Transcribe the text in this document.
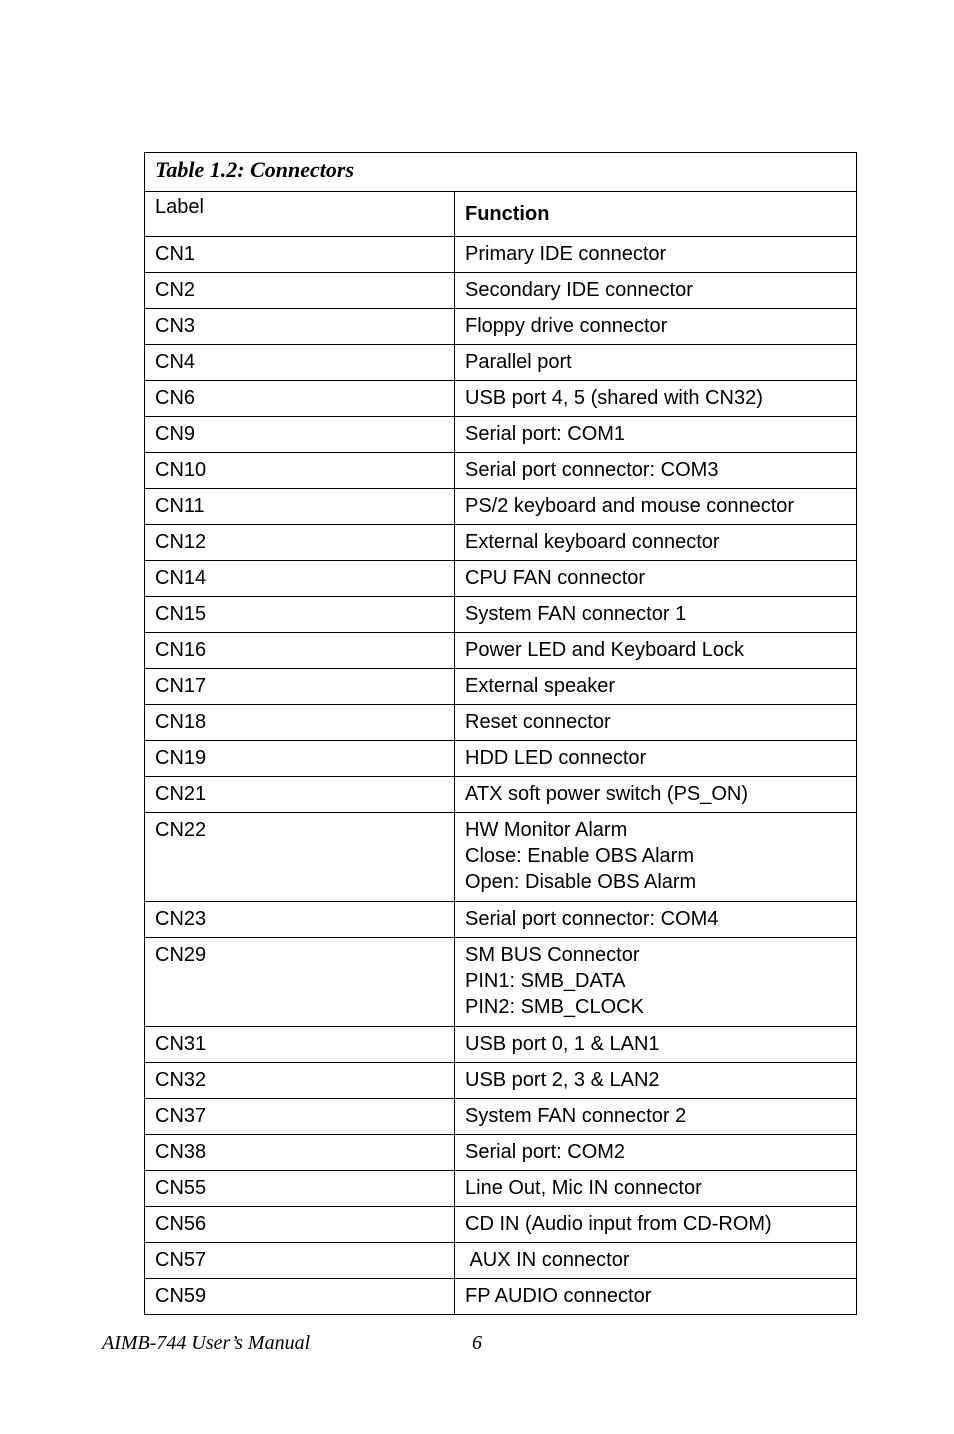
Table 1.2: Connectors	
Label	Function
CN1	Primary IDE connector

CN2	Secondary IDE connector

CN3	Floppy drive connector

CN4	Parallel port

CN6	USB port 4, 5 (shared with CN32)

CN9	Serial port: COM1

CN10	Serial port connector: COM3

CN11	PS/2 keyboard and mouse connector

CN12	External keyboard connector

CN14	CPU FAN connector

CN15	System FAN connector 1

CN16	Power LED and Keyboard Lock

CN17	External speaker

CN18	Reset connector

CN19	HDD LED connector

CN21	ATX soft power switch (PS_ON)

CN22	HW Monitor Alarm
Close: Enable OBS Alarm
Open: Disable OBS Alarm

CN23	Serial port connector: COM4

CN29	SM BUS Connector
PIN1: SMB_DATA
PIN2: SMB_CLOCK

CN31	USB port 0, 1 & LAN1

CN32	USB port 2, 3 & LAN2

CN37	System FAN connector 2

CN38	Serial port: COM2

CN55	Line Out, Mic IN connector

CN56	CD IN (Audio input from CD-ROM)

CN57	AUX IN connector

CN59	FP AUDIO connector
AIMB-744 User’s Manual	6
